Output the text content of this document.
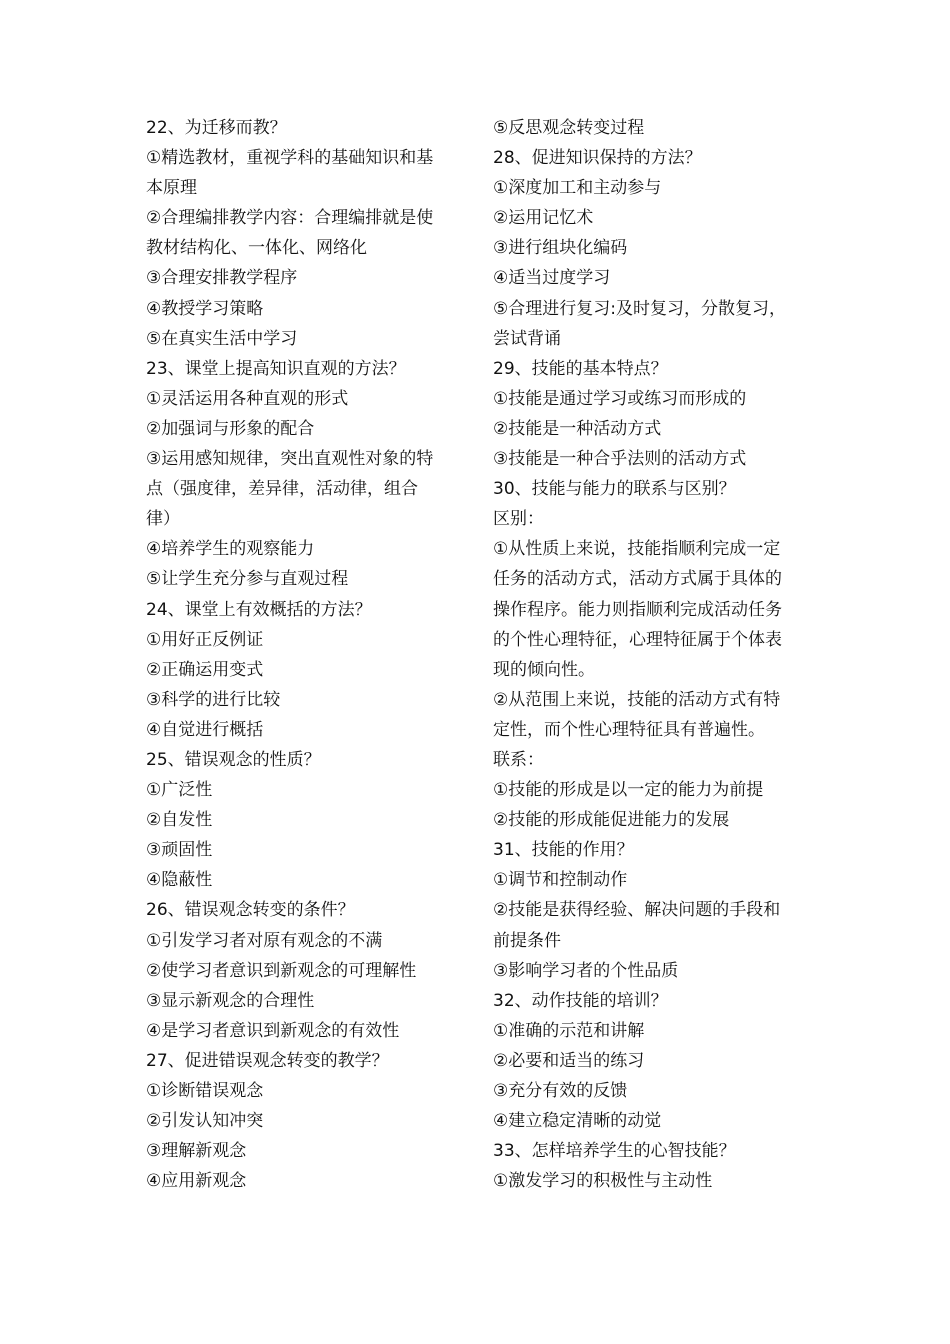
22、为迁移而教？
①精选教材，重视学科的基础知识和基
本原理
②合理编排教学内容：合理编排就是使
教材结构化、一体化、网络化
③合理安排教学程序
④教授学习策略
⑤在真实生活中学习
23、课堂上提高知识直观的方法？
①灵活运用各种直观的形式
②加强词与形象的配合
③运用感知规律，突出直观性对象的特
点（强度律，差异律，活动律，组合
律）
④培养学生的观察能力
⑤让学生充分参与直观过程
24、课堂上有效概括的方法？
①用好正反例证
②正确运用变式
③科学的进行比较
④自觉进行概括
25、错误观念的性质？
①广泛性
②自发性
③顽固性
④隐蔽性
26、错误观念转变的条件？
①引发学习者对原有观念的不满
②使学习者意识到新观念的可理解性
③显示新观念的合理性
④是学习者意识到新观念的有效性
27、促进错误观念转变的教学？
①诊断错误观念
②引发认知冲突
③理解新观念
④应用新观念
⑤反思观念转变过程
28、促进知识保持的方法？
①深度加工和主动参与
②运用记忆术
③进行组块化编码
④适当过度学习
⑤合理进行复习:及时复习，分散复习，
尝试背诵
29、技能的基本特点？
①技能是通过学习或练习而形成的
②技能是一种活动方式
③技能是一种合乎法则的活动方式
30、技能与能力的联系与区别？
区别：
①从性质上来说，技能指顺利完成一定
任务的活动方式，活动方式属于具体的
操作程序。能力则指顺利完成活动任务
的个性心理特征，心理特征属于个体表
现的倾向性。
②从范围上来说，技能的活动方式有特
定性，而个性心理特征具有普遍性。
联系：
①技能的形成是以一定的能力为前提
②技能的形成能促进能力的发展
31、技能的作用？
①调节和控制动作
②技能是获得经验、解决问题的手段和
前提条件
③影响学习者的个性品质
32、动作技能的培训？
①准确的示范和讲解
②必要和适当的练习
③充分有效的反馈
④建立稳定清晰的动觉
33、怎样培养学生的心智技能？
①激发学习的积极性与主动性
